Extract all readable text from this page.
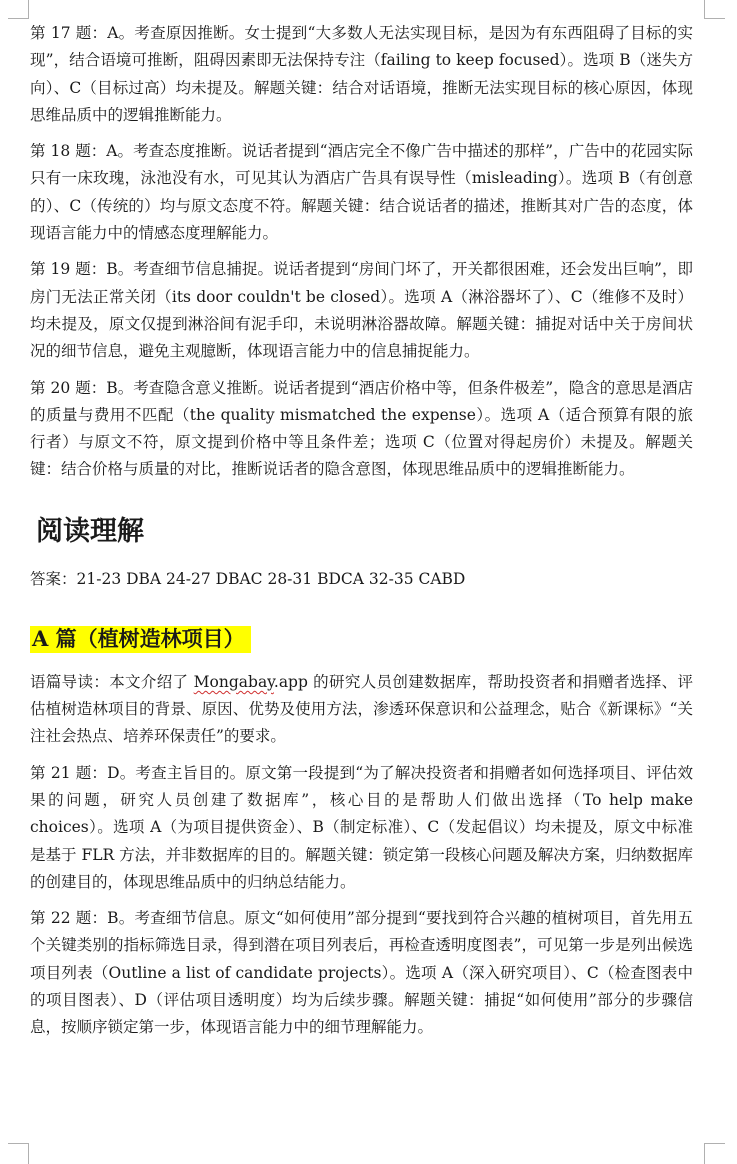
第 17 题：A。考查原因推断。女士提到“大多数人无法实现目标，是因为有东西阻碍了目标的实现”，结合语境可推断，阻碍因素即无法保持专注（failing to keep focused）。选项 B（迷失方向）、C（目标过高）均未提及。解题关键：结合对话语境，推断无法实现目标的核心原因，体现思维品质中的逻辑推断能力。

第 18 题：A。考查态度推断。说话者提到“酒店完全不像广告中描述的那样”，广告中的花园实际只有一床玫瑰，泳池没有水，可见其认为酒店广告具有误导性（misleading）。选项 B（有创意的）、C（传统的）均与原文态度不符。解题关键：结合说话者的描述，推断其对广告的态度，体现语言能力中的情感态度理解能力。

第 19 题：B。考查细节信息捕捉。说话者提到“房间门坏了，开关都很困难，还会发出巨响”，即房门无法正常关闭（its door couldn't be closed）。选项 A（淋浴器坏了）、C（维修不及时）均未提及，原文仅提到淋浴间有泥手印，未说明淋浴器故障。解题关键：捕捉对话中关于房间状况的细节信息，避免主观臆断，体现语言能力中的信息捕捉能力。

第 20 题：B。考查隐含意义推断。说话者提到“酒店价格中等，但条件极差”，隐含的意思是酒店的质量与费用不匹配（the quality mismatched the expense）。选项 A（适合预算有限的旅行者）与原文不符，原文提到价格中等且条件差；选项 C（位置对得起房价）未提及。解题关键：结合价格与质量的对比，推断说话者的隐含意图，体现思维品质中的逻辑推断能力。

阅读理解

答案：21-23 DBA 24-27 DBAC 28-31 BDCA 32-35 CABD

A 篇（植树造林项目）

语篇导读：本文介绍了 Mongabay.app 的研究人员创建数据库，帮助投资者和捐赠者选择、评估植树造林项目的背景、原因、优势及使用方法，渗透环保意识和公益理念，贴合《新课标》“关注社会热点、培养环保责任”的要求。

第 21 题：D。考查主旨目的。原文第一段提到“为了解决投资者和捐赠者如何选择项目、评估效果的问题，研究人员创建了数据库”，核心目的是帮助人们做出选择（To help make choices）。选项 A（为项目提供资金）、B（制定标准）、C（发起倡议）均未提及，原文中标准是基于 FLR 方法，并非数据库的目的。解题关键：锁定第一段核心问题及解决方案，归纳数据库的创建目的，体现思维品质中的归纳总结能力。

第 22 题：B。考查细节信息。原文“如何使用”部分提到“要找到符合兴趣的植树项目，首先用五个关键类别的指标筛选目录，得到潜在项目列表后，再检查透明度图表”，可见第一步是列出候选项目列表（Outline a list of candidate projects）。选项 A（深入研究项目）、C（检查图表中的项目图表）、D（评估项目透明度）均为后续步骤。解题关键：捕捉“如何使用”部分的步骤信息，按顺序锁定第一步，体现语言能力中的细节理解能力。
